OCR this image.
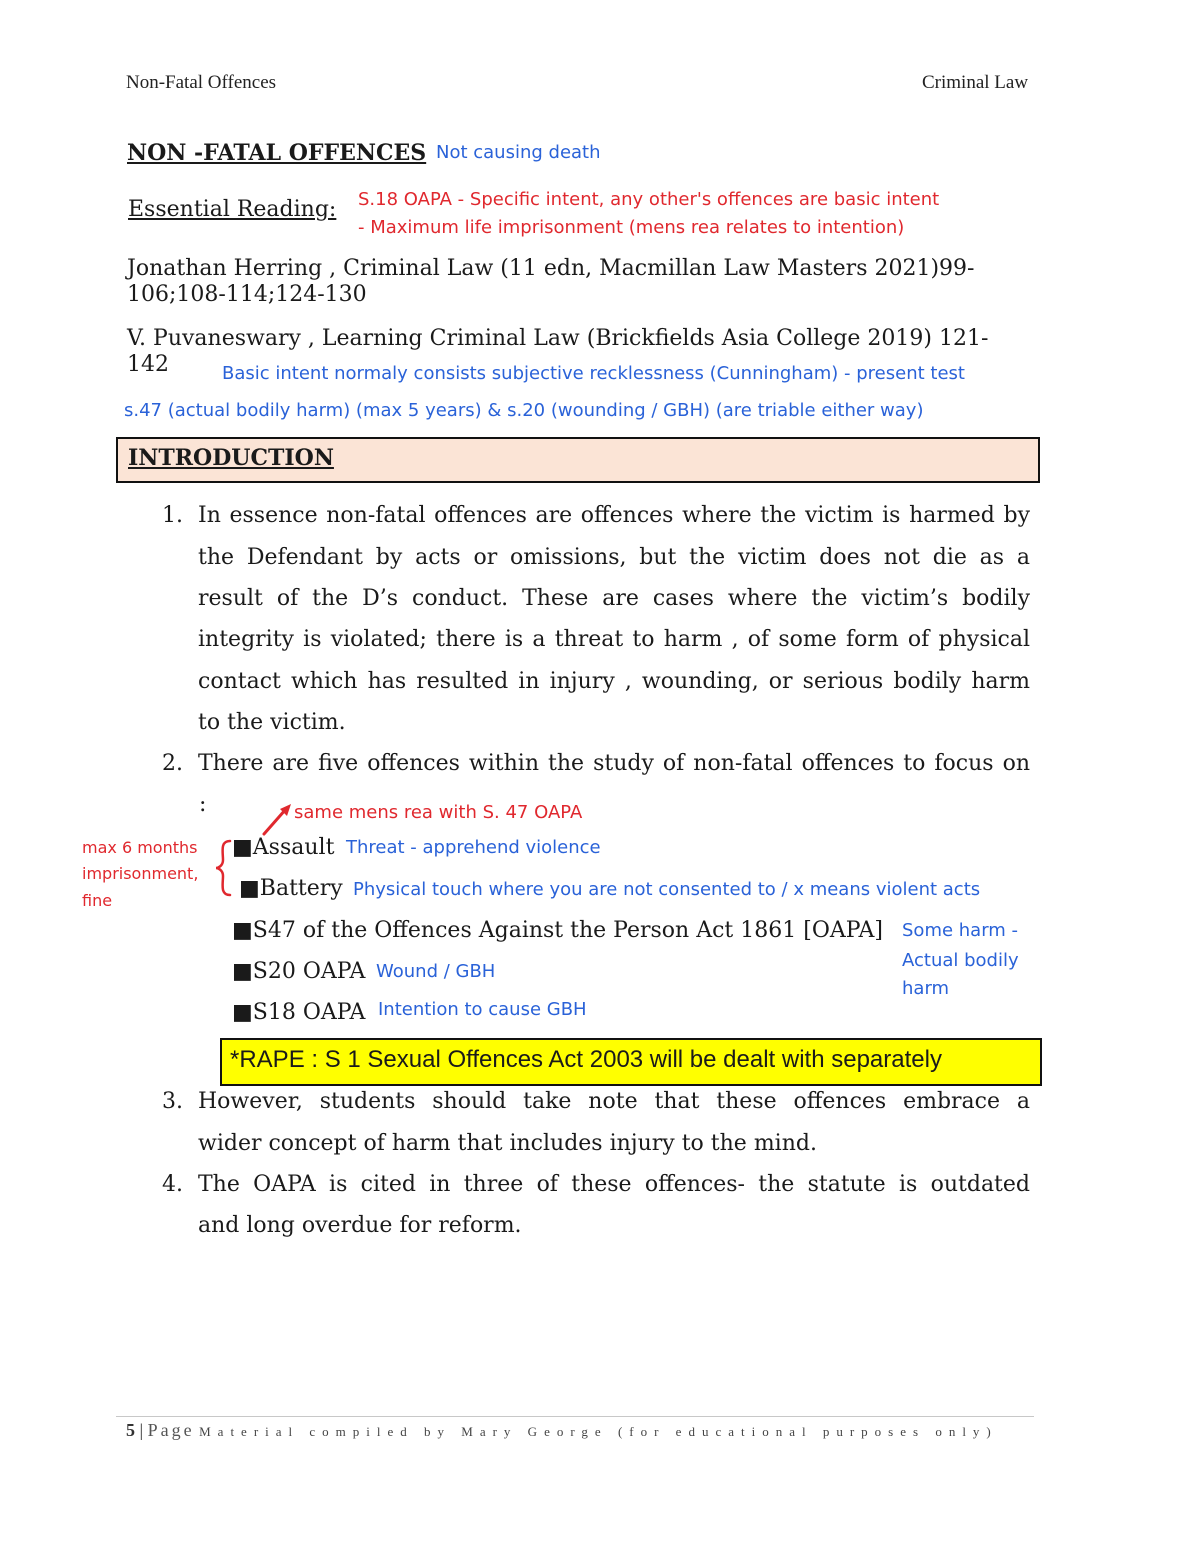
Non-Fatal Offences	Criminal Law
NON -FATAL OFFENCES Not causing death
Essential Reading: S.18 OAPA - Specific intent, any other's offences are basic intent
- Maximum life imprisonment (mens rea relates to intention)
Jonathan Herring , Criminal Law (11 edn, Macmillan Law Masters 2021)99-
106;108-114;124-130
V. Puvaneswary , Learning Criminal Law (Brickfields Asia College 2019) 121-
142	Basic intent normaly consists subjective recklessness (Cunningham) - present test
s.47 (actual bodily harm) (max 5 years) & s.20 (wounding / GBH) (are triable either way)
INTRODUCTION
1. In essence non-fatal offences are offences where the victim is harmed by
the Defendant by acts or omissions, but the victim does not die as a
result of the D’s conduct. These are cases where the victim’s bodily
integrity is violated; there is a threat to harm , of some form of physical
contact which has resulted in injury , wounding, or serious bodily harm
to the victim.
2. There are five offences within the study of non-fatal offences to focus on
:	same mens rea with S. 47 OAPA
max 6 months
imprisonment,
fine
■Assault Threat - apprehend violence
■Battery Physical touch where you are not consented to / x means violent acts
■S47 of the Offences Against the Person Act 1861 [OAPA] Some harm -
Actual bodily
harm
■S20 OAPA Wound / GBH
■S18 OAPA Intention to cause GBH
*RAPE : S 1 Sexual Offences Act 2003 will be dealt with separately
3. However, students should take note that these offences embrace a
wider concept of harm that includes injury to the mind.
4. The OAPA is cited in three of these offences- the statute is outdated
and long overdue for reform.
5 | Page Material compiled by Mary George (for educational purposes only)
